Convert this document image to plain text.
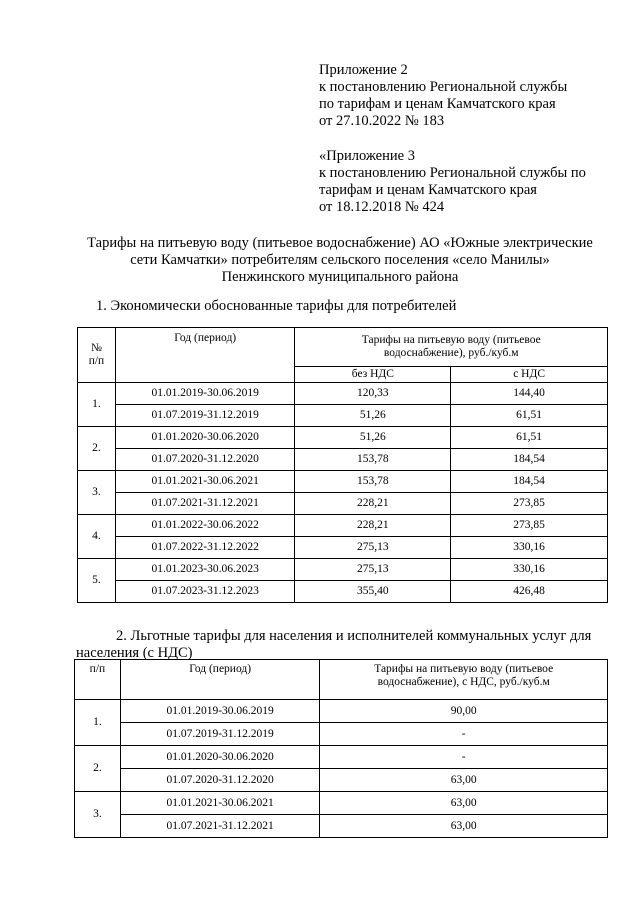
Приложение 2
к постановлению Региональной службы
по тарифам и ценам Камчатского края
от 27.10.2022 № 183
«Приложение 3
к постановлению Региональной службы по
тарифам и ценам Камчатского края
от 18.12.2018 № 424
Тарифы на питьевую воду (питьевое водоснабжение) АО «Южные электрические
сети Камчатки» потребителям сельского поселения «село Манилы»
Пенжинского муниципального района
1. Экономически обоснованные тарифы для потребителей
№
п/п	Год (период)	Тарифы на питьевую воду (питьевое водоснабжение), руб./куб.м	
		без НДС	с НДС
1.	01.01.2019-30.06.2019	120,33	144,40
	01.07.2019-31.12.2019	51,26	61,51
2.	01.01.2020-30.06.2020	51,26	61,51
	01.07.2020-31.12.2020	153,78	184,54
3.	01.01.2021-30.06.2021	153,78	184,54
	01.07.2021-31.12.2021	228,21	273,85
4.	01.01.2022-30.06.2022	228,21	273,85
	01.07.2022-31.12.2022	275,13	330,16
5.	01.01.2023-30.06.2023	275,13	330,16
	01.07.2023-31.12.2023	355,40	426,48
2. Льготные тарифы для населения и исполнителей коммунальных услуг для населения (с НДС)
п/п	Год (период)	Тарифы на питьевую воду (питьевое водоснабжение), с НДС, руб./куб.м
1.	01.01.2019-30.06.2019	90,00
	01.07.2019-31.12.2019	-
2.	01.01.2020-30.06.2020	-
	01.07.2020-31.12.2020	63,00
3.	01.01.2021-30.06.2021	63,00
	01.07.2021-31.12.2021	63,00
